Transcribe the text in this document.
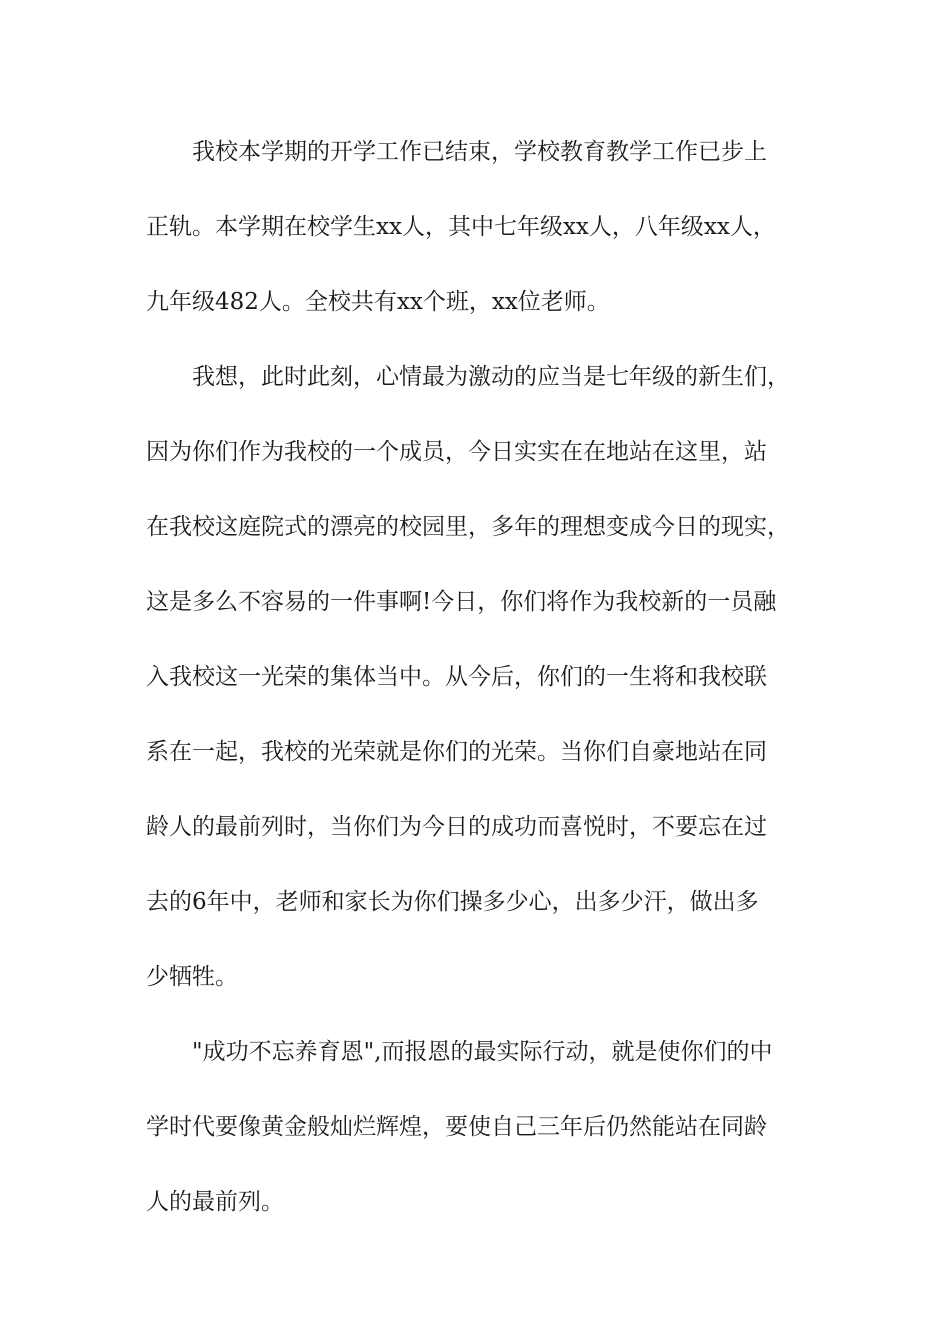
我校本学期的开学工作已结束，学校教育教学工作已步上
正轨。本学期在校学生xx人，其中七年级xx人，八年级xx人，
九年级482人。全校共有xx个班，xx位老师。
我想，此时此刻，心情最为激动的应当是七年级的新生们，
因为你们作为我校的一个成员，今日实实在在地站在这里，站
在我校这庭院式的漂亮的校园里，多年的理想变成今日的现实，
这是多么不容易的一件事啊!今日，你们将作为我校新的一员融
入我校这一光荣的集体当中。从今后，你们的一生将和我校联
系在一起，我校的光荣就是你们的光荣。当你们自豪地站在同
龄人的最前列时，当你们为今日的成功而喜悦时，不要忘在过
去的6年中，老师和家长为你们操多少心，出多少汗，做出多
少牺牲。
"成功不忘养育恩",而报恩的最实际行动，就是使你们的中
学时代要像黄金般灿烂辉煌，要使自己三年后仍然能站在同龄
人的最前列。
